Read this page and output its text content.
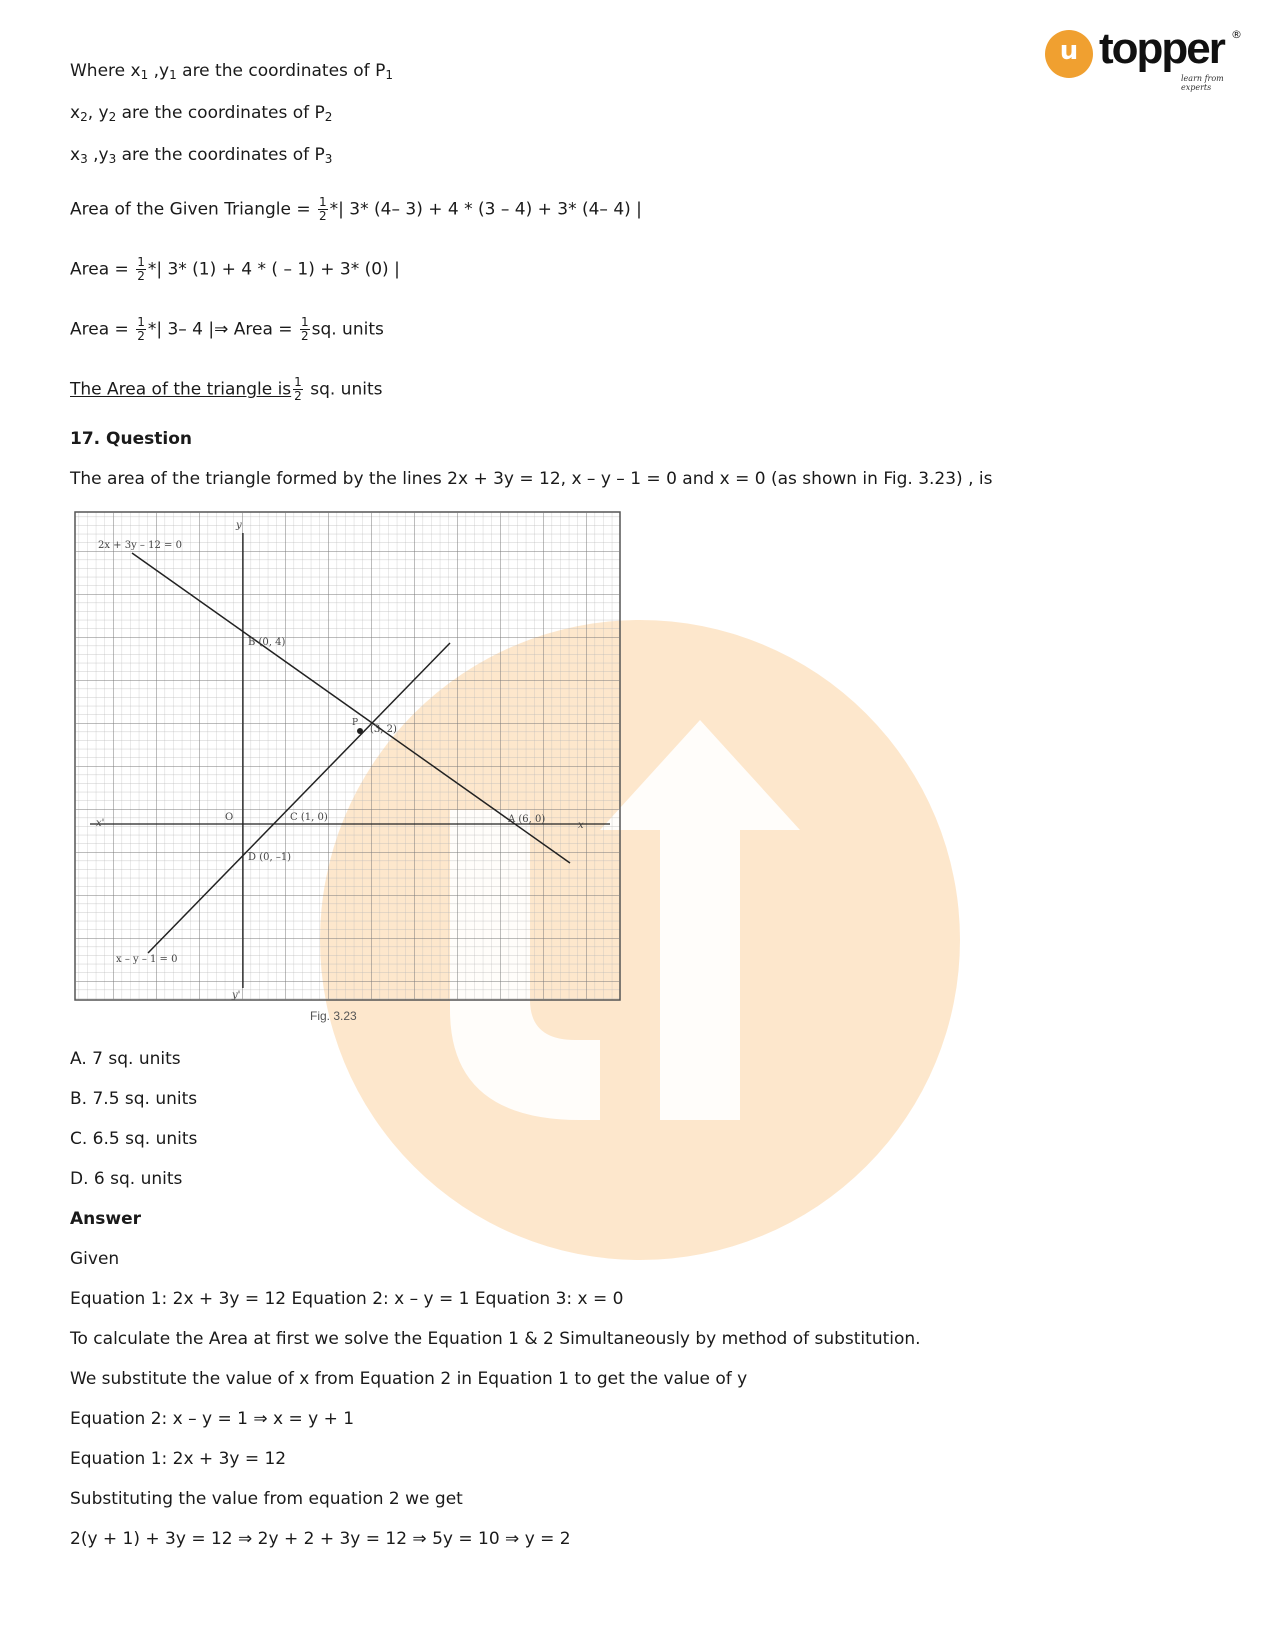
u topper ®
learn from experts
Where $x_1$ $,y_1$ are the coordinates of $P_1$
$x_2$, $y_2$ are the coordinates of $P_2$
$x_3$ $,y_3$ are the coordinates of $P_3$
Area of the Given Triangle = $\frac{1}{2}$ *| 3* (4– 3) + 4 * (3 – 4) + 3* (4– 4) |
Area = $\frac{1}{2}$ *| 3* (1) + 4 * ( – 1) + 3* (0) |
Area = $\frac{1}{2}$ *| 3– 4 |⇒ Area = $\frac{1}{2}$ sq. units
The Area of the triangle is $\frac{1}{2}$ sq. units
17. Question
The area of the triangle formed by the lines 2x + 3y = 12, x – y – 1 = 0 and x = 0 (as shown in Fig. 3.23) , is
2x + 3y – 12 = 0
x – y – 1 = 0
B (0, 4)
P
(3, 2)
C (1, 0)	A (6, 0)
D (0, –1)
O
x
x'
y
y'
Fig. 3.23
A. 7 sq. units
B. 7.5 sq. units
C. 6.5 sq. units
D. 6 sq. units
Answer
Given
Equation 1: 2x + 3y = 12 Equation 2: x – y = 1 Equation 3: x = 0
To calculate the Area at first we solve the Equation 1 & 2 Simultaneously by method of substitution.
We substitute the value of x from Equation 2 in Equation 1 to get the value of y
Equation 2: x – y = 1 ⇒ x = y + 1
Equation 1: 2x + 3y = 12
Substituting the value from equation 2 we get
2(y + 1) + 3y = 12 ⇒ 2y + 2 + 3y = 12 ⇒ 5y = 10 ⇒ y = 2
